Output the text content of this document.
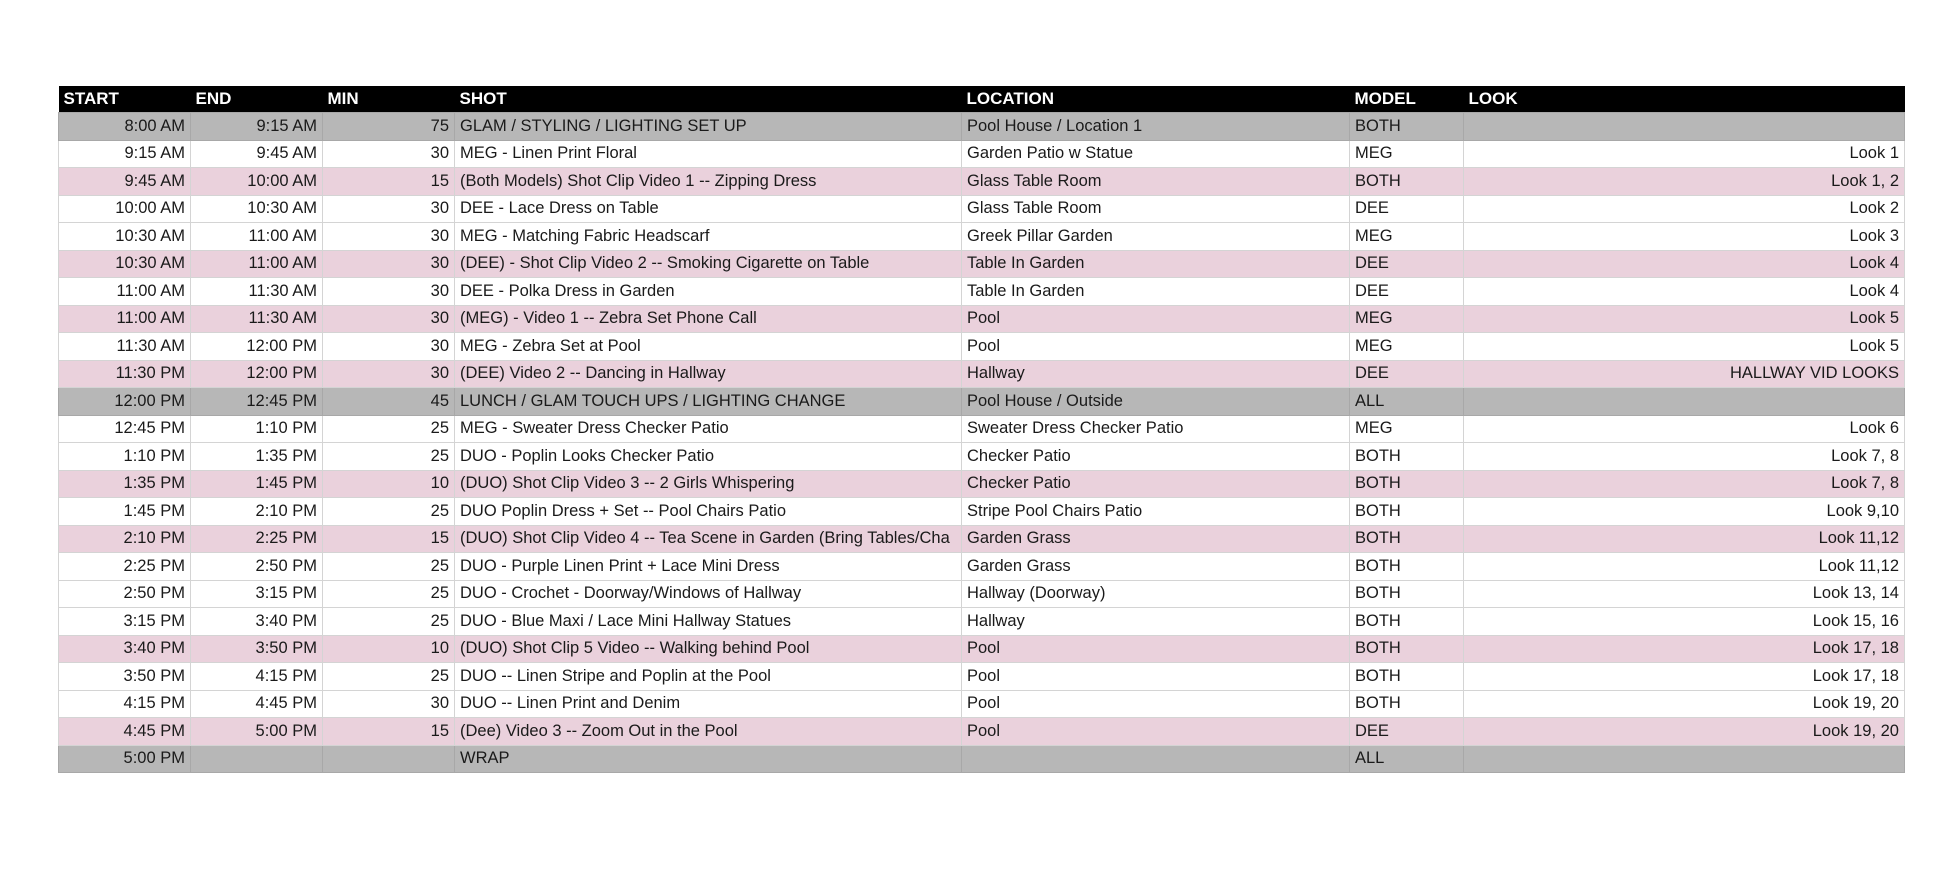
START	END	MIN	SHOT	LOCATION	MODEL	LOOK
8:00 AM	9:15 AM	75	GLAM / STYLING / LIGHTING SET UP	Pool House / Location 1	BOTH	
9:15 AM	9:45 AM	30	MEG - Linen Print Floral	Garden Patio w Statue	MEG	Look 1
9:45 AM	10:00 AM	15	(Both Models) Shot Clip Video 1 -- Zipping Dress	Glass Table Room	BOTH	Look 1, 2
10:00 AM	10:30 AM	30	DEE - Lace Dress on Table	Glass Table Room	DEE	Look 2
10:30 AM	11:00 AM	30	MEG - Matching Fabric Headscarf	Greek Pillar Garden	MEG	Look 3
10:30 AM	11:00 AM	30	(DEE) - Shot Clip Video 2 -- Smoking Cigarette on Table	Table In Garden	DEE	Look 4
11:00 AM	11:30 AM	30	DEE - Polka Dress in Garden	Table In Garden	DEE	Look 4
11:00 AM	11:30 AM	30	(MEG) - Video 1 -- Zebra Set Phone Call	Pool	MEG	Look 5
11:30 AM	12:00 PM	30	MEG - Zebra Set at Pool	Pool	MEG	Look 5
11:30 PM	12:00 PM	30	(DEE) Video 2 -- Dancing in Hallway	Hallway	DEE	HALLWAY VID LOOKS
12:00 PM	12:45 PM	45	LUNCH / GLAM TOUCH UPS / LIGHTING CHANGE	Pool House / Outside	ALL	
12:45 PM	1:10 PM	25	MEG - Sweater Dress Checker Patio	Sweater Dress Checker Patio	MEG	Look 6
1:10 PM	1:35 PM	25	DUO - Poplin Looks Checker Patio	Checker Patio	BOTH	Look 7, 8
1:35 PM	1:45 PM	10	(DUO) Shot Clip Video 3 -- 2 Girls Whispering	Checker Patio	BOTH	Look 7, 8
1:45 PM	2:10 PM	25	DUO Poplin Dress + Set -- Pool Chairs Patio	Stripe Pool Chairs Patio	BOTH	Look 9,10
2:10 PM	2:25 PM	15	(DUO) Shot Clip Video 4 -- Tea Scene in Garden (Bring Tables/Cha	Garden Grass	BOTH	Look 11,12
2:25 PM	2:50 PM	25	DUO - Purple Linen Print + Lace Mini Dress	Garden Grass	BOTH	Look 11,12
2:50 PM	3:15 PM	25	DUO - Crochet - Doorway/Windows of Hallway	Hallway (Doorway)	BOTH	Look 13, 14
3:15 PM	3:40 PM	25	DUO - Blue Maxi / Lace Mini Hallway Statues	Hallway	BOTH	Look 15, 16
3:40 PM	3:50 PM	10	(DUO) Shot Clip 5 Video -- Walking behind Pool	Pool	BOTH	Look 17, 18
3:50 PM	4:15 PM	25	DUO -- Linen Stripe and Poplin at the Pool	Pool	BOTH	Look 17, 18
4:15 PM	4:45 PM	30	DUO -- Linen Print and Denim	Pool	BOTH	Look 19, 20
4:45 PM	5:00 PM	15	(Dee) Video 3 -- Zoom Out in the Pool	Pool	DEE	Look 19, 20
5:00 PM			WRAP		ALL	
